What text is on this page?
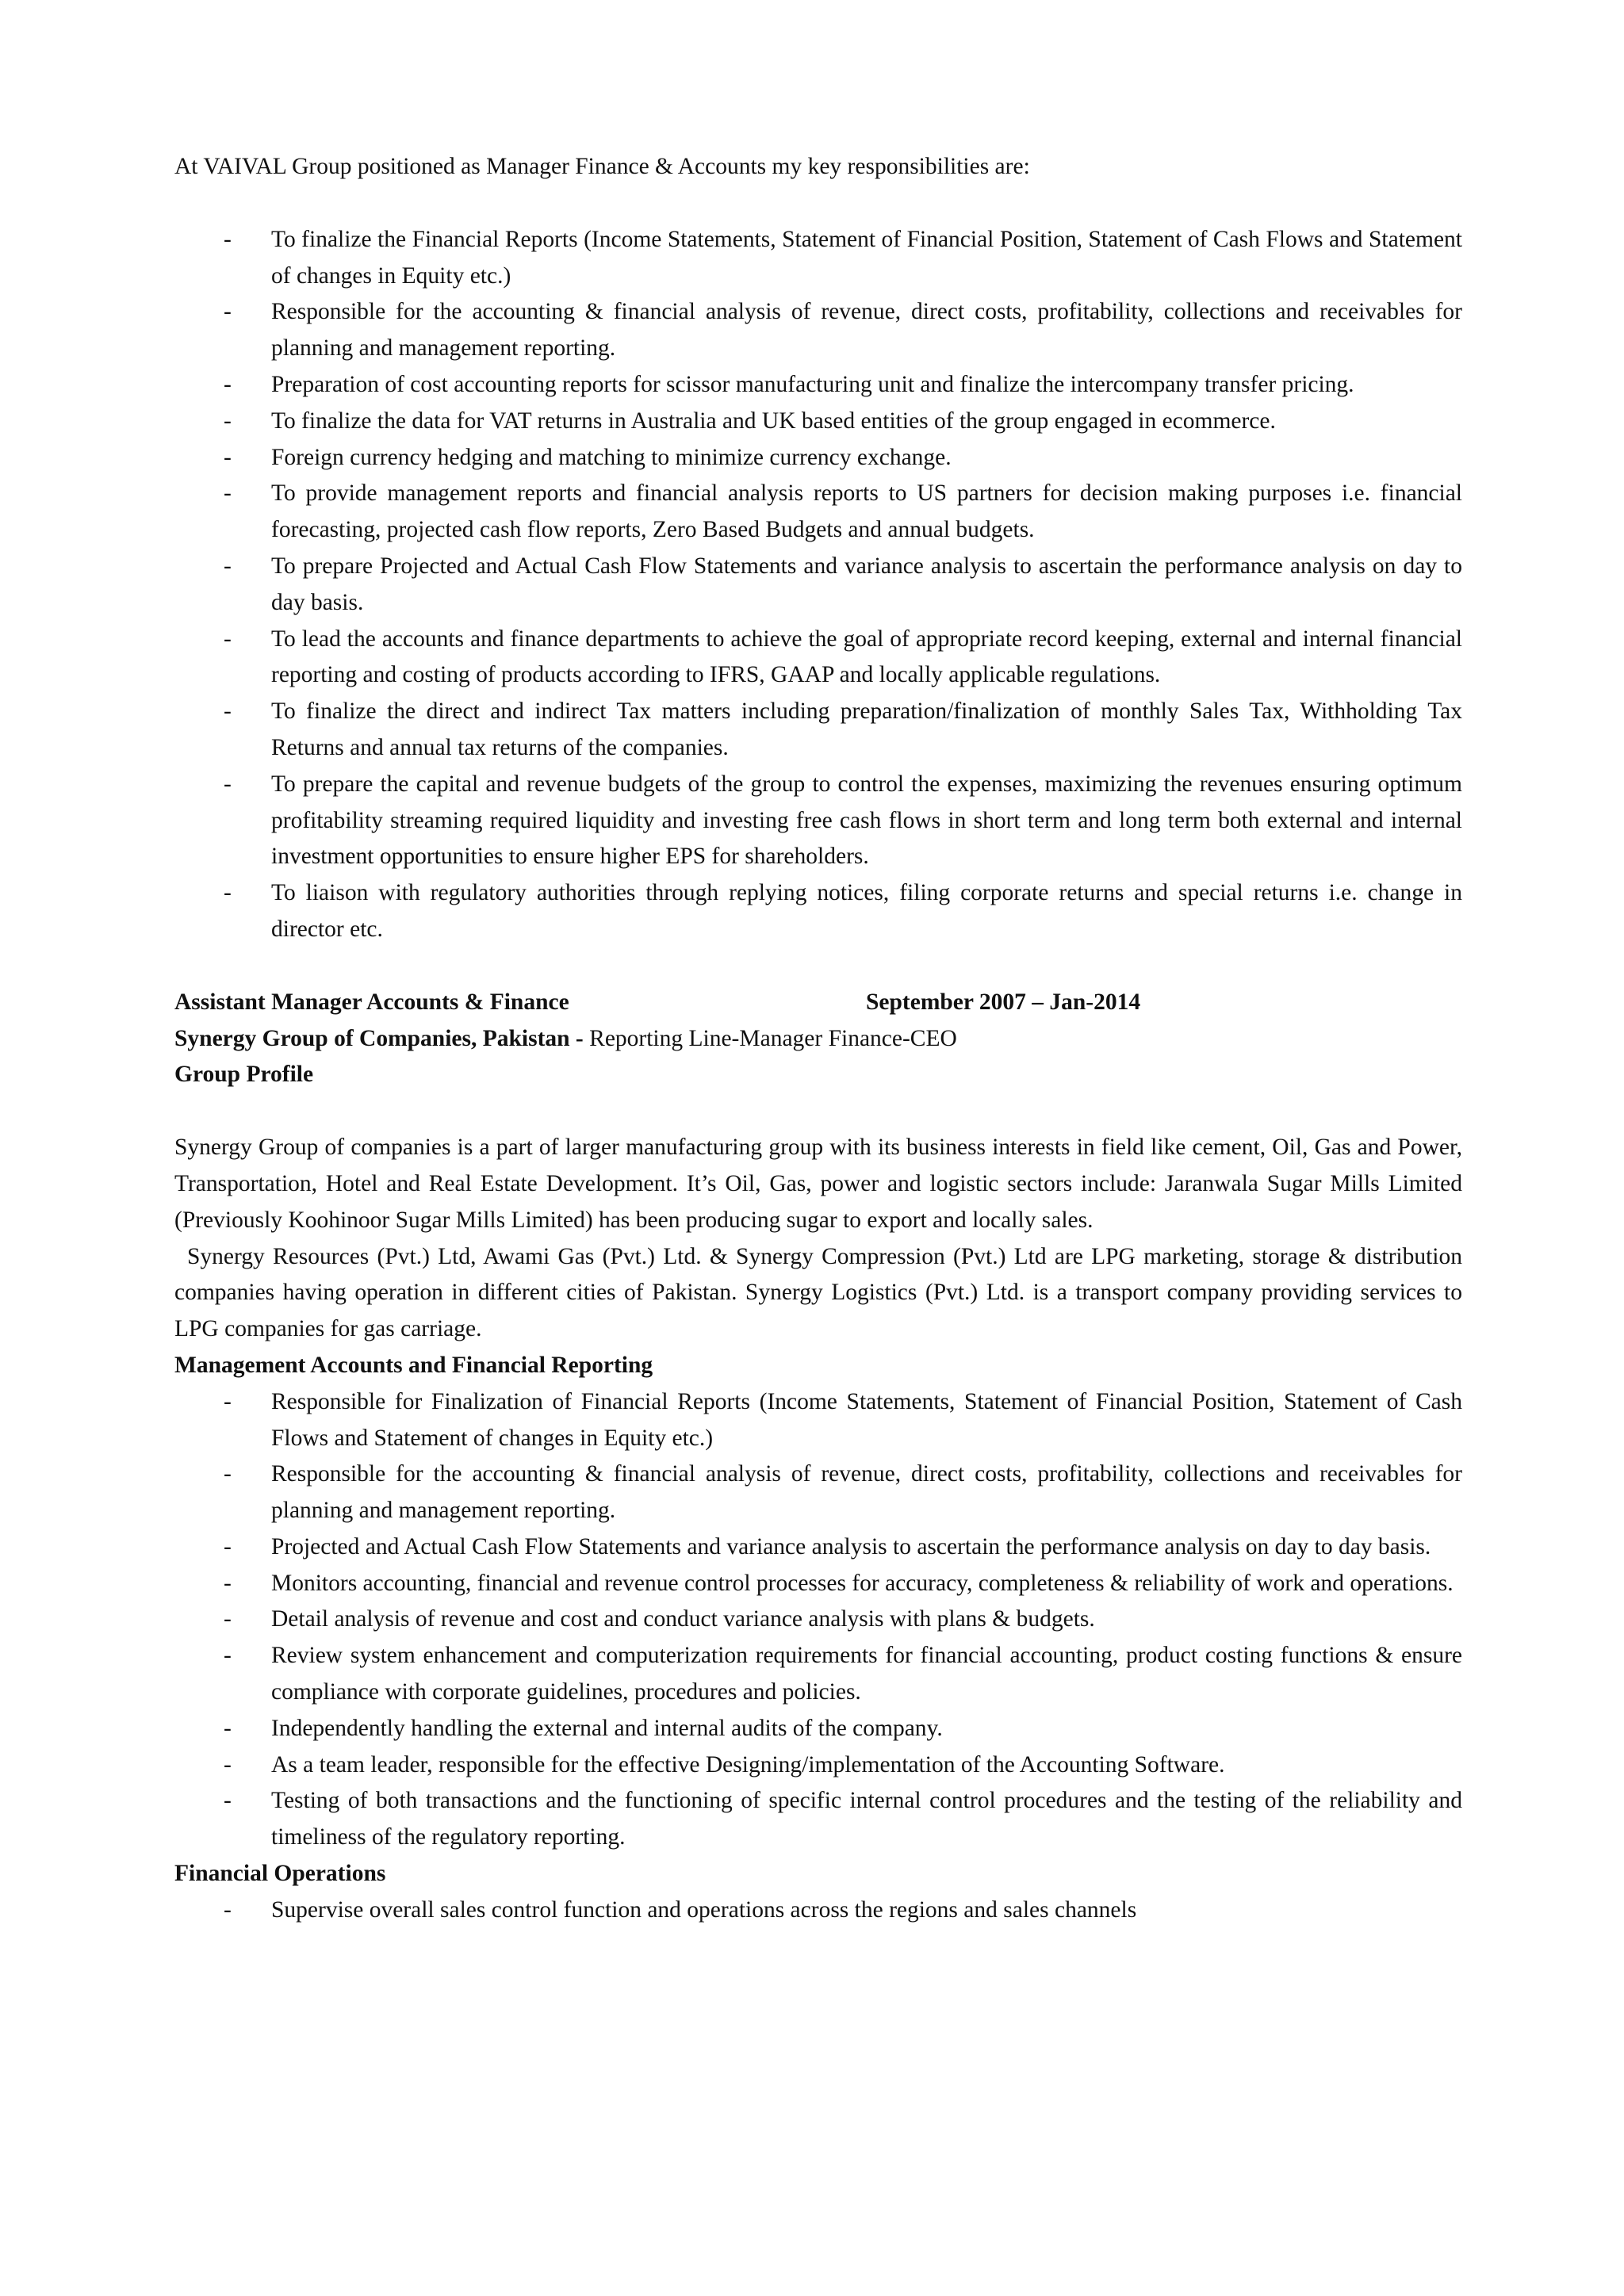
At VAIVAL Group positioned as Manager Finance & Accounts my key responsibilities are:

- To finalize the Financial Reports (Income Statements, Statement of Financial Position, Statement of Cash Flows and Statement of changes in Equity etc.)
- Responsible for the accounting & financial analysis of revenue, direct costs, profitability, collections and receivables for planning and management reporting.
- Preparation of cost accounting reports for scissor manufacturing unit and finalize the intercompany transfer pricing.
- To finalize the data for VAT returns in Australia and UK based entities of the group engaged in ecommerce.
- Foreign currency hedging and matching to minimize currency exchange.
- To provide management reports and financial analysis reports to US partners for decision making purposes i.e. financial forecasting, projected cash flow reports, Zero Based Budgets and annual budgets.
- To prepare Projected and Actual Cash Flow Statements and variance analysis to ascertain the performance analysis on day to day basis.
- To lead the accounts and finance departments to achieve the goal of appropriate record keeping, external and internal financial reporting and costing of products according to IFRS, GAAP and locally applicable regulations.
- To finalize the direct and indirect Tax matters including preparation/finalization of monthly Sales Tax, Withholding Tax Returns and annual tax returns of the companies.
- To prepare the capital and revenue budgets of the group to control the expenses, maximizing the revenues ensuring optimum profitability streaming required liquidity and investing free cash flows in short term and long term both external and internal investment opportunities to ensure higher EPS for shareholders.
- To liaison with regulatory authorities through replying notices, filing corporate returns and special returns i.e. change in director etc.
Assistant Manager Accounts & Finance	September 2007 – Jan-2014

Synergy Group of Companies, Pakistan - Reporting Line-Manager Finance-CEO

Group Profile

Synergy Group of companies is a part of larger manufacturing group with its business interests in field like cement, Oil, Gas and Power, Transportation, Hotel and Real Estate Development. It’s Oil, Gas, power and logistic sectors include: Jaranwala Sugar Mills Limited (Previously Koohinoor Sugar Mills Limited) has been producing sugar to export and locally sales.

Synergy Resources (Pvt.) Ltd, Awami Gas (Pvt.) Ltd. & Synergy Compression (Pvt.) Ltd are LPG marketing, storage & distribution companies having operation in different cities of Pakistan. Synergy Logistics (Pvt.) Ltd. is a transport company providing services to LPG companies for gas carriage.

Management Accounts and Financial Reporting

- Responsible for Finalization of Financial Reports (Income Statements, Statement of Financial Position, Statement of Cash Flows and Statement of changes in Equity etc.)
- Responsible for the accounting & financial analysis of revenue, direct costs, profitability, collections and receivables for planning and management reporting.
- Projected and Actual Cash Flow Statements and variance analysis to ascertain the performance analysis on day to day basis.
- Monitors accounting, financial and revenue control processes for accuracy, completeness & reliability of work and operations.
- Detail analysis of revenue and cost and conduct variance analysis with plans & budgets.
- Review system enhancement and computerization requirements for financial accounting, product costing functions & ensure compliance with corporate guidelines, procedures and policies.
- Independently handling the external and internal audits of the company.
- As a team leader, responsible for the effective Designing/implementation of the Accounting Software.
- Testing of both transactions and the functioning of specific internal control procedures and the testing of the reliability and timeliness of the regulatory reporting.

Financial Operations

- Supervise overall sales control function and operations across the regions and sales channels
